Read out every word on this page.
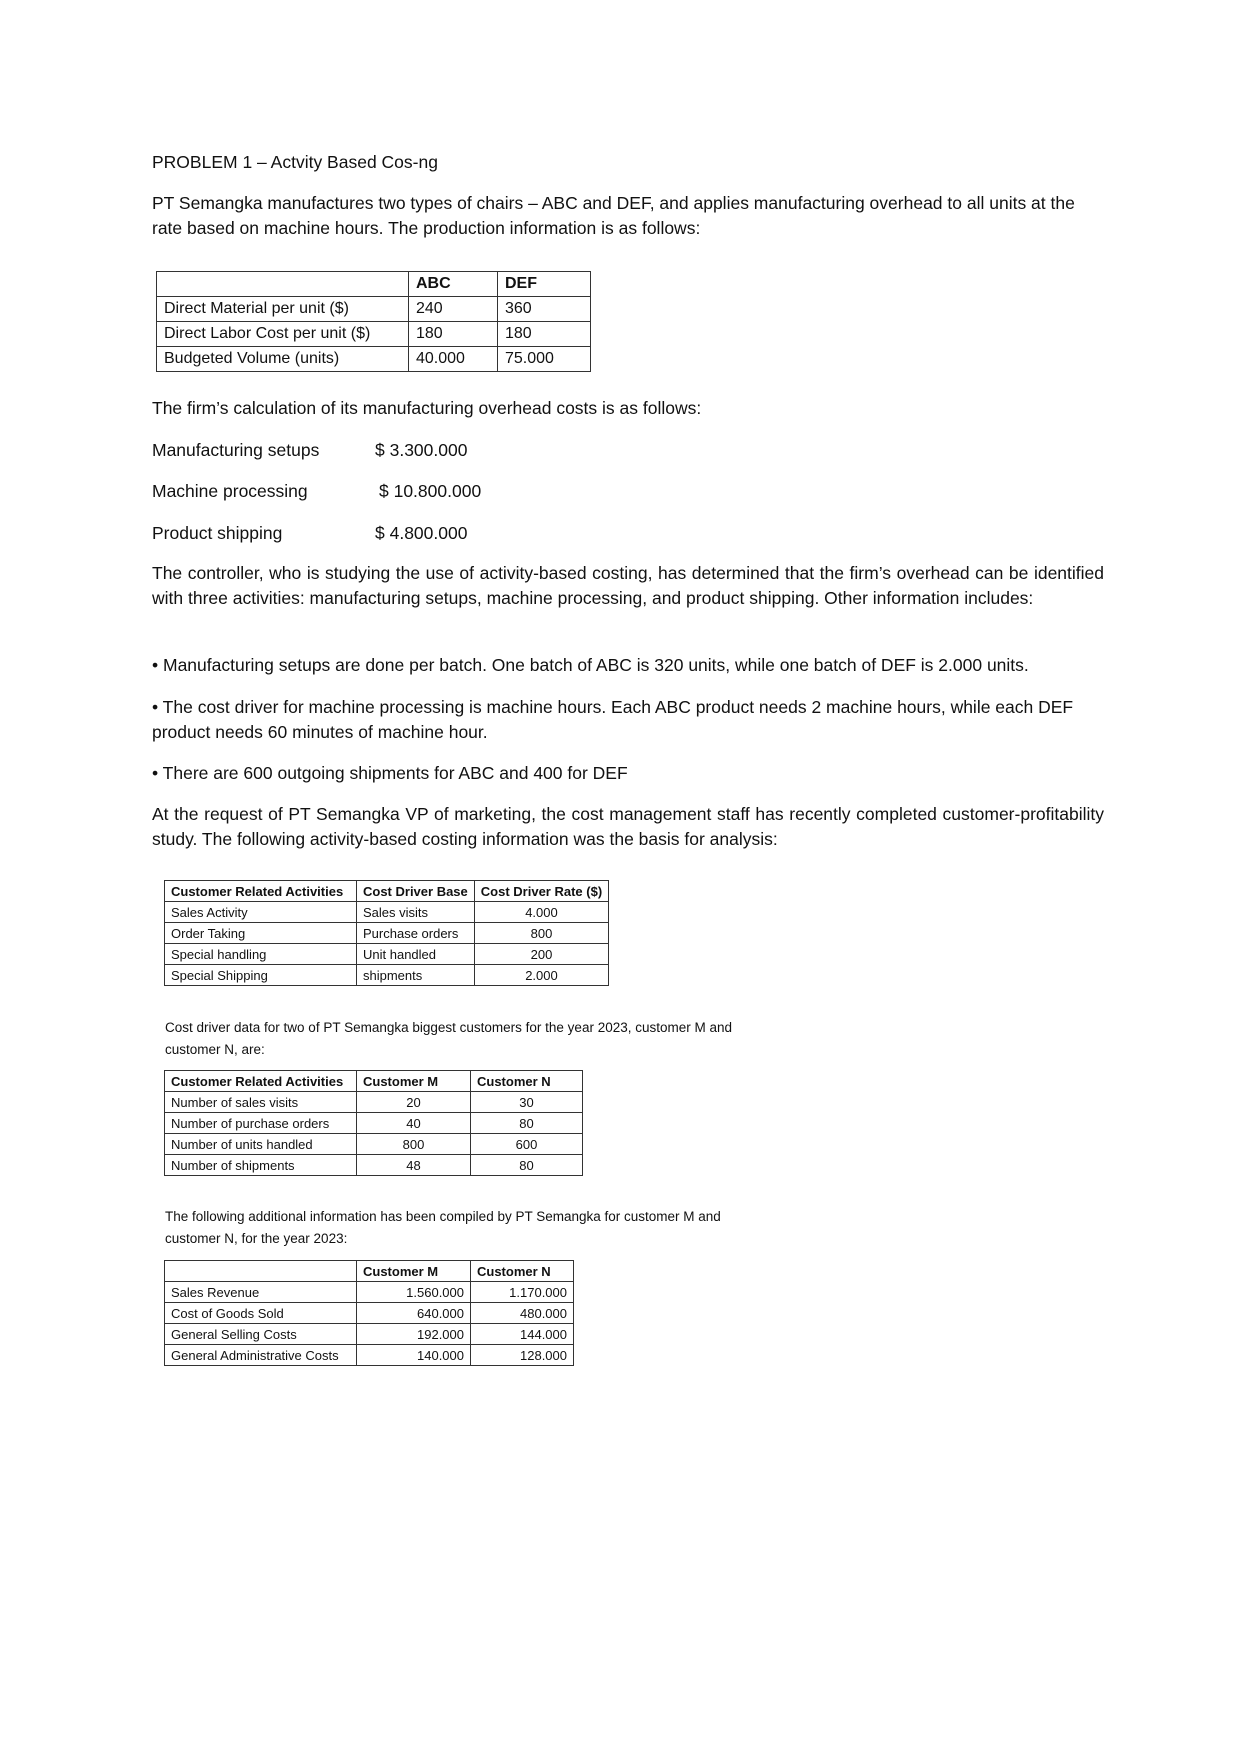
PROBLEM 1 – Actvity Based Cos-ng

PT Semangka manufactures two types of chairs – ABC and DEF, and applies manufacturing overhead to all units at the rate based on machine hours. The production information is as follows:

	ABC	DEF
Direct Material per unit ($)	240	360
Direct Labor Cost per unit ($)	180	180
Budgeted Volume (units)	40.000	75.000

The firm’s calculation of its manufacturing overhead costs is as follows:

Manufacturing setups	$ 3.300.000
Machine processing	$ 10.800.000
Product shipping	$ 4.800.000

The controller, who is studying the use of activity-based costing, has determined that the firm’s overhead can be identified with three activities: manufacturing setups, machine processing, and product shipping. Other information includes:

• Manufacturing setups are done per batch. One batch of ABC is 320 units, while one batch of DEF is 2.000 units.

• The cost driver for machine processing is machine hours. Each ABC product needs 2 machine hours, while each DEF product needs 60 minutes of machine hour.

• There are 600 outgoing shipments for ABC and 400 for DEF

At the request of PT Semangka VP of marketing, the cost management staff has recently completed customer-profitability study. The following activity-based costing information was the basis for analysis:

Customer Related Activities	Cost Driver Base	Cost Driver Rate ($)
Sales Activity	Sales visits	4.000
Order Taking	Purchase orders	800
Special handling	Unit handled	200
Special Shipping	shipments	2.000

Cost driver data for two of PT Semangka biggest customers for the year 2023, customer M and customer N, are:

Customer Related Activities	Customer M	Customer N
Number of sales visits	20	30
Number of purchase orders	40	80
Number of units handled	800	600
Number of shipments	48	80

The following additional information has been compiled by PT Semangka for customer M and customer N, for the year 2023:

	Customer M	Customer N
Sales Revenue	1.560.000	1.170.000
Cost of Goods Sold	640.000	480.000
General Selling Costs	192.000	144.000
General Administrative Costs	140.000	128.000
